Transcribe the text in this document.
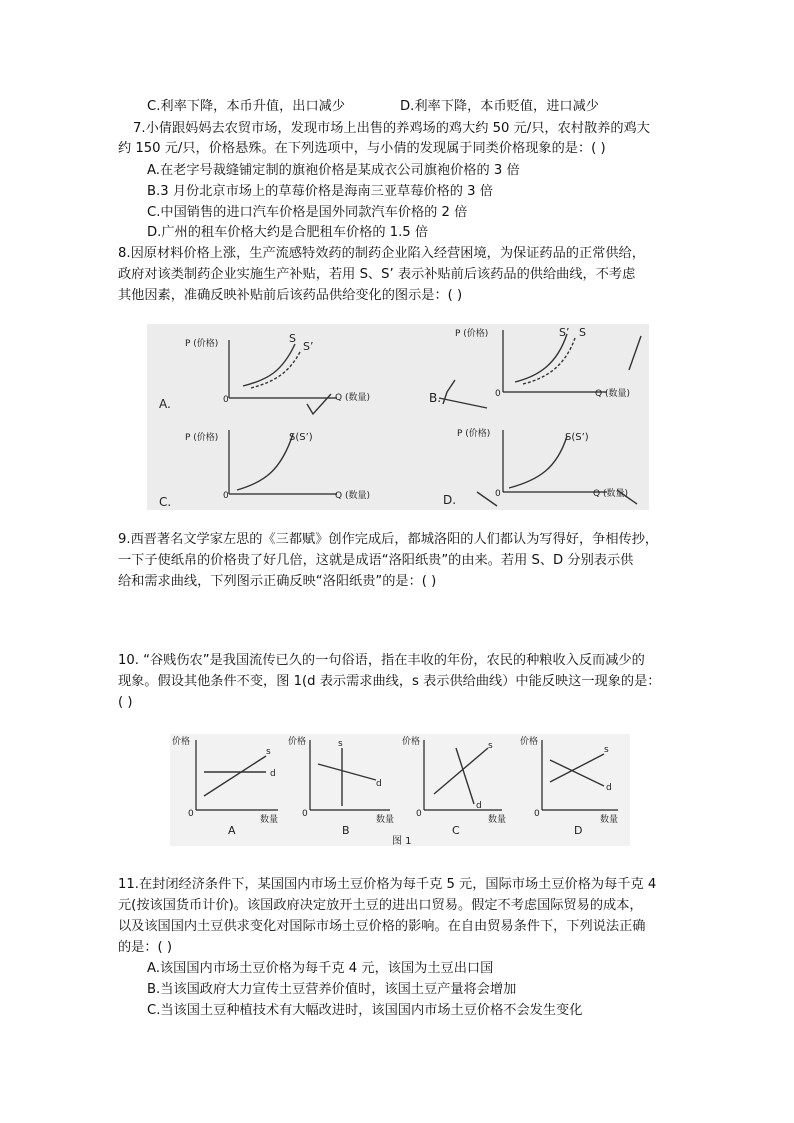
C.利率下降，本币升值，出口减少	D.利率下降，本币贬值，进口减少
7.小倩跟妈妈去农贸市场，发现市场上出售的养鸡场的鸡大约 50 元/只，农村散养的鸡大
约 150 元/只，价格悬殊。在下列选项中，与小倩的发现属于同类价格现象的是：( )
A.在老字号裁缝铺定制的旗袍价格是某成衣公司旗袍价格的 3 倍
B.3 月份北京市场上的草莓价格是海南三亚草莓价格的 3 倍
C.中国销售的进口汽车价格是国外同款汽车价格的 2 倍
D.广州的租车价格大约是合肥租车价格的 1.5 倍
8.因原材料价格上涨，生产流感特效药的制药企业陷入经营困境，为保证药品的正常供给，
政府对该类制药企业实施生产补贴，若用 S、S’ 表示补贴前后该药品的供给曲线，不考虑
其他因素，准确反映补贴前后该药品供给变化的图示是：( )
P (价格)	S
S’
0	Q (数量)
A.
P (价格)	S’ S
0	Q (数量)
B.
P (价格)	S(S’)
0	Q (数量)
C.
P (价格)	S(S’)
0	Q (数量)
D.
9.西晋著名文学家左思的《三都赋》创作完成后，都城洛阳的人们都认为写得好，争相传抄，
一下子使纸帛的价格贵了好几倍，这就是成语“洛阳纸贵”的由来。若用 S、D 分别表示供
给和需求曲线，下列图示正确反映“洛阳纸贵”的是：( )
10. “谷贱伤农”是我国流传已久的一句俗语，指在丰收的年份，农民的种粮收入反而减少的
现象。假设其他条件不变，图 1(d 表示需求曲线，s 表示供给曲线）中能反映这一现象的是：
( )
价格
s
d
0
数量
A
价格	s
d
0
数量
B
价格	s
d
0
数量
C
价格
s
d
0
数量
D
图 1
11.在封闭经济条件下，某国国内市场土豆价格为每千克 5 元，国际市场土豆价格为每千克 4
元(按该国货币计价)。该国政府决定放开土豆的进出口贸易。假定不考虑国际贸易的成本，
以及该国国内土豆供求变化对国际市场土豆价格的影响。在自由贸易条件下，下列说法正确
的是：( )
A.该国国内市场土豆价格为每千克 4 元，该国为土豆出口国
B.当该国政府大力宣传土豆营养价值时，该国土豆产量将会增加
C.当该国土豆种植技术有大幅改进时，该国国内市场土豆价格不会发生变化
